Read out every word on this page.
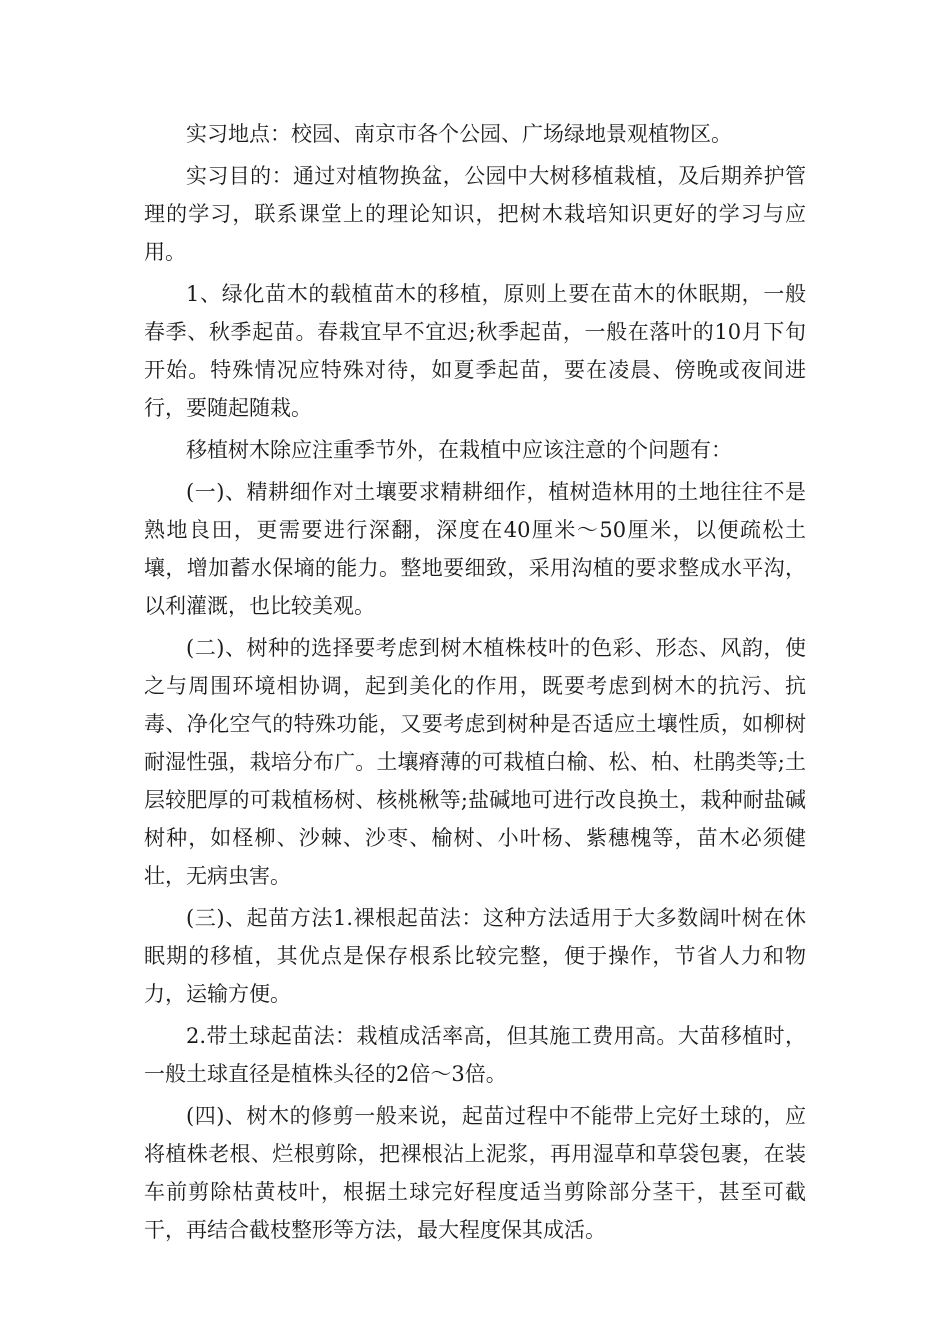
实习地点：校园、南京市各个公园、广场绿地景观植物区。

实习目的：通过对植物换盆，公园中大树移植栽植，及后期养护管理的学习，联系课堂上的理论知识，把树木栽培知识更好的学习与应用。

1、绿化苗木的载植苗木的移植，原则上要在苗木的休眠期，一般春季、秋季起苗。春栽宜早不宜迟;秋季起苗，一般在落叶的10月下旬开始。特殊情况应特殊对待，如夏季起苗，要在凌晨、傍晚或夜间进行，要随起随栽。

移植树木除应注重季节外，在栽植中应该注意的个问题有：

(一)、精耕细作对土壤要求精耕细作，植树造林用的土地往往不是熟地良田，更需要进行深翻，深度在40厘米～50厘米，以便疏松土壤，增加蓄水保墒的能力。整地要细致，采用沟植的要求整成水平沟，以利灌溉，也比较美观。

(二)、树种的选择要考虑到树木植株枝叶的色彩、形态、风韵，使之与周围环境相协调，起到美化的作用，既要考虑到树木的抗污、抗毒、净化空气的特殊功能，又要考虑到树种是否适应土壤性质，如柳树耐湿性强，栽培分布广。土壤瘠薄的可栽植白榆、松、柏、杜鹃类等;土层较肥厚的可栽植杨树、核桃楸等;盐碱地可进行改良换土，栽种耐盐碱树种，如柽柳、沙棘、沙枣、榆树、小叶杨、紫穗槐等，苗木必须健壮，无病虫害。

(三)、起苗方法1.裸根起苗法：这种方法适用于大多数阔叶树在休眠期的移植，其优点是保存根系比较完整，便于操作，节省人力和物力，运输方便。

2.带土球起苗法：栽植成活率高，但其施工费用高。大苗移植时，一般土球直径是植株头径的2倍～3倍。

(四)、树木的修剪一般来说，起苗过程中不能带上完好土球的，应将植株老根、烂根剪除，把裸根沾上泥浆，再用湿草和草袋包裹，在装车前剪除枯黄枝叶，根据土球完好程度适当剪除部分茎干，甚至可截干，再结合截枝整形等方法，最大程度保其成活。
